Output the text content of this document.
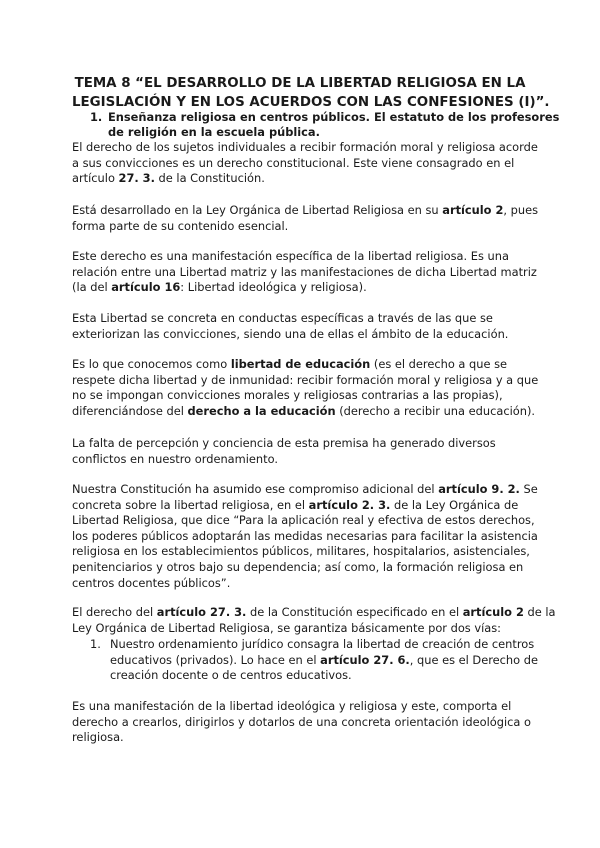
TEMA 8 “EL DESARROLLO DE LA LIBERTAD RELIGIOSA EN LA
LEGISLACIÓN Y EN LOS ACUERDOS CON LAS CONFESIONES (I)”.
1. Enseñanza religiosa en centros públicos. El estatuto de los profesores
de religión en la escuela pública.
El derecho de los sujetos individuales a recibir formación moral y religiosa acorde
a sus convicciones es un derecho constitucional. Este viene consagrado en el
artículo 27. 3. de la Constitución.
Está desarrollado en la Ley Orgánica de Libertad Religiosa en su artículo 2, pues
forma parte de su contenido esencial.
Este derecho es una manifestación específica de la libertad religiosa. Es una
relación entre una Libertad matriz y las manifestaciones de dicha Libertad matriz
(la del artículo 16: Libertad ideológica y religiosa).
Esta Libertad se concreta en conductas específicas a través de las que se
exteriorizan las convicciones, siendo una de ellas el ámbito de la educación.
Es lo que conocemos como libertad de educación (es el derecho a que se
respete dicha libertad y de inmunidad: recibir formación moral y religiosa y a que
no se impongan convicciones morales y religiosas contrarias a las propias),
diferenciándose del derecho a la educación (derecho a recibir una educación).
La falta de percepción y conciencia de esta premisa ha generado diversos
conflictos en nuestro ordenamiento.
Nuestra Constitución ha asumido ese compromiso adicional del artículo 9. 2. Se
concreta sobre la libertad religiosa, en el artículo 2. 3. de la Ley Orgánica de
Libertad Religiosa, que dice “Para la aplicación real y efectiva de estos derechos,
los poderes públicos adoptarán las medidas necesarias para facilitar la asistencia
religiosa en los establecimientos públicos, militares, hospitalarios, asistenciales,
penitenciarios y otros bajo su dependencia; así como, la formación religiosa en
centros docentes públicos”.
El derecho del artículo 27. 3. de la Constitución especificado en el artículo 2 de la
Ley Orgánica de Libertad Religiosa, se garantiza básicamente por dos vías:
1. Nuestro ordenamiento jurídico consagra la libertad de creación de centros
educativos (privados). Lo hace en el artículo 27. 6., que es el Derecho de
creación docente o de centros educativos.
Es una manifestación de la libertad ideológica y religiosa y este, comporta el
derecho a crearlos, dirigirlos y dotarlos de una concreta orientación ideológica o
religiosa.
